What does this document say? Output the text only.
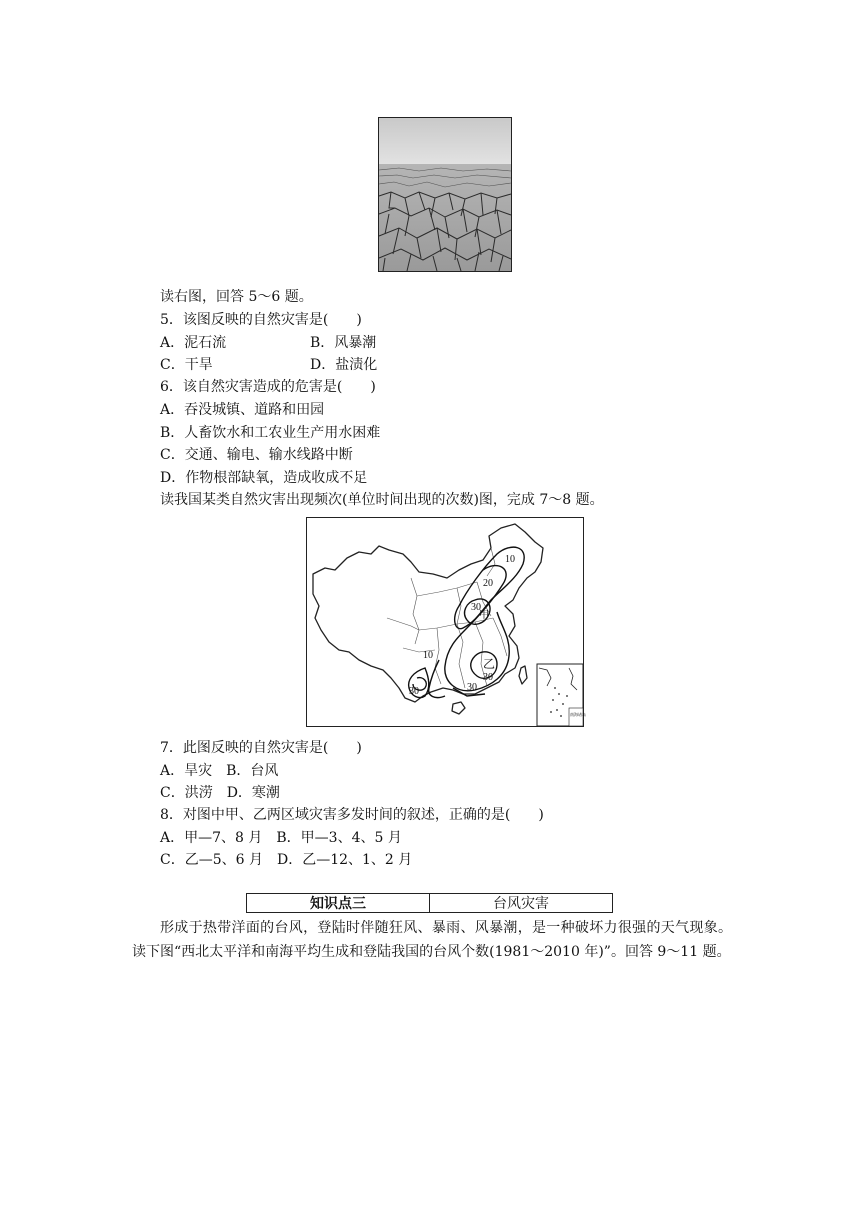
读右图，回答 5～6 题。
5．该图反映的自然灾害是(　　)
A．泥石流	B．风暴潮
C．干旱	D．盐渍化
6．该自然灾害造成的危害是(　　)
A．吞没城镇、道路和田园
B．人畜饮水和工农业生产用水困难
C．交通、输电、输水线路中断
D．作物根部缺氧，造成收成不足
读我国某类自然灾害出现频次(单位时间出现的次数)图，完成 7～8 题。
10
20
30
甲
乙
10
30
30
30
南海诸岛
7．此图反映的自然灾害是(　　)
A．旱灾　B．台风
C．洪涝　D．寒潮
8．对图中甲、乙两区域灾害多发时间的叙述，正确的是(　　)
A．甲—7、8 月　B．甲—3、4、5 月
C．乙—5、6 月　D．乙—12、1、2 月
知识点三	台风灾害
形成于热带洋面的台风，登陆时伴随狂风、暴雨、风暴潮，是一种破坏力很强的天气现象。读下图“西北太平洋和南海平均生成和登陆我国的台风个数(1981～2010 年)”。回答 9～11 题。
